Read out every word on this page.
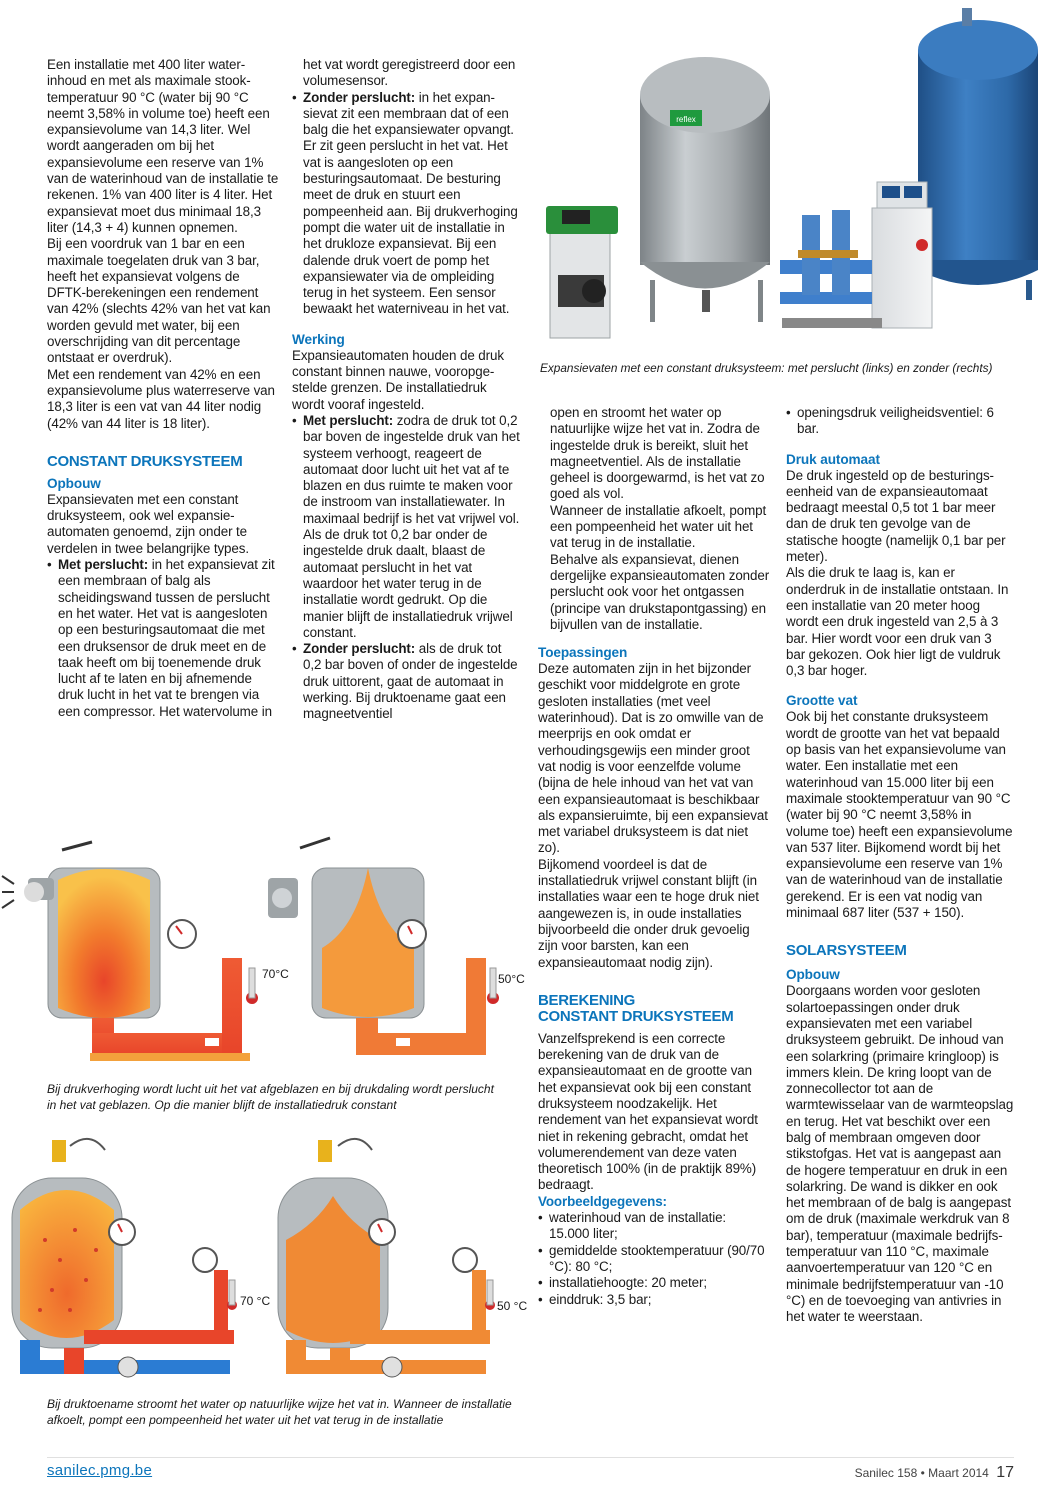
reflex
Expansievaten met een constant druksysteem: met perslucht (links) en zonder (rechts)

Een installatie met 400 liter waterinhoud en met als maximale stooktemperatuur 90 °C (water bij 90 °C neemt 3,58% in volume toe) heeft een expansievolume van 14,3 liter. Wel wordt aangeraden om bij het expansievolume een reserve van 1% van de waterinhoud van de installatie te rekenen. 1% van 400 liter is 4 liter. Het expansievat moet dus minimaal 18,3 liter (14,3 + 4) kunnen opnemen.

Bij een voordruk van 1 bar en een maximale toegelaten druk van 3 bar, heeft het expansievat volgens de DFTK-berekeningen een rendement van 42% (slechts 42% van het vat kan worden gevuld met water, bij een overschrijding van dit percentage ontstaat er overdruk).

Met een rendement van 42% en een expansievolume plus waterreserve van 18,3 liter is een vat van 44 liter nodig (42% van 44 liter is 18 liter).

CONSTANT DRUKSYSTEEM
Opbouw

Expansievaten met een constant druksysteem, ook wel expansieautomaten genoemd, zijn onder te verdelen in twee belangrijke types.

• Met perslucht: in het expansievat zit een membraan of balg als scheidingswand tussen de perslucht en het water. Het vat is aangesloten op een besturingsautomaat die met een druksensor de druk meet en de taak heeft om bij toenemende druk lucht af te laten en bij afnemende druk lucht in het vat te brengen via een compressor. Het watervolume in

het vat wordt geregistreerd door een volumesensor.

• Zonder perslucht: in het expansievat zit een membraan dat of een balg die het expansiewater opvangt. Er zit geen perslucht in het vat. Het vat is aangesloten op een besturingsautomaat. De besturing meet de druk en stuurt een pompeenheid aan. Bij drukverhoging pompt die water uit de installatie in het drukloze expansievat. Bij een dalende druk voert de pomp het expansiewater via de ompleiding terug in het systeem. Een sensor bewaakt het waterniveau in het vat.
Werking

Expansieautomaten houden de druk constant binnen nauwe, vooropgestelde grenzen. De installatiedruk wordt vooraf ingesteld.

• Met perslucht: zodra de druk tot 0,2 bar boven de ingestelde druk van het systeem verhoogt, reageert de automaat door lucht uit het vat af te blazen en dus ruimte te maken voor de instroom van installatiewater. In maximaal bedrijf is het vat vrijwel vol. Als de druk tot 0,2 bar onder de ingestelde druk daalt, blaast de automaat perslucht in het vat waardoor het water terug in de installatie wordt gedrukt. Op die manier blijft de installatiedruk vrijwel constant.
• Zonder perslucht: als de druk tot 0,2 bar boven of onder de ingestelde druk uittorent, gaat de automaat in werking. Bij druktoename gaat een magneetventiel

open en stroomt het water op natuurlijke wijze het vat in. Zodra de ingestelde druk is bereikt, sluit het magneetventiel. Als de installatie geheel is doorgewarmd, is het vat zo goed als vol.

Wanneer de installatie afkoelt, pompt een pompeenheid het water uit het vat terug in de installatie.

Behalve als expansievat, dienen dergelijke expansieautomaten zonder perslucht ook voor het ontgassen (principe van drukstapontgassing) en bijvullen van de installatie.

Toepassingen

Deze automaten zijn in het bijzonder geschikt voor middelgrote en grote gesloten installaties (met veel waterinhoud). Dat is zo omwille van de meerprijs en ook omdat er verhoudingsgewijs een minder groot vat nodig is voor eenzelfde volume (bijna de hele inhoud van het vat van een expansieautomaat is beschikbaar als expansieruimte, bij een expansievat met variabel druksysteem is dat niet zo).

Bijkomend voordeel is dat de installatiedruk vrijwel constant blijft (in installaties waar een te hoge druk niet aangewezen is, in oude installaties bijvoorbeeld die onder druk gevoelig zijn voor barsten, kan een expansieautomaat nodig zijn).

BEREKENING
CONSTANT DRUKSYSTEEM

Vanzelfsprekend is een correcte berekening van de druk van de expansieautomaat en de grootte van het expansievat ook bij een constant druksysteem noodzakelijk. Het rendement van het expansievat wordt niet in rekening gebracht, omdat het volumerendement van deze vaten theoretisch 100% (in de praktijk 89%) bedraagt.

Voorbeeldgegevens:

• waterinhoud van de installatie: 15.000 liter;
• gemiddelde stooktemperatuur (90/70 °C): 80 °C;
• installatiehoogte: 20 meter;
• einddruk: 3,5 bar;
• openingsdruk veiligheidsventiel: 6 bar.
Druk automaat

De druk ingesteld op de besturingseenheid van de expansieautomaat bedraagt meestal 0,5 tot 1 bar meer dan de druk ten gevolge van de statische hoogte (namelijk 0,1 bar per meter).

Als die druk te laag is, kan er onderdruk in de installatie ontstaan. In een installatie van 20 meter hoog wordt een druk ingesteld van 2,5 à 3 bar. Hier wordt voor een druk van 3 bar gekozen. Ook hier ligt de vuldruk 0,3 bar hoger.

Grootte vat

Ook bij het constante druksysteem wordt de grootte van het vat bepaald op basis van het expansievolume van water. Een installatie met een waterinhoud van 15.000 liter bij een maximale stooktemperatuur van 90 °C (water bij 90 °C neemt 3,58% in volume toe) heeft een expansievolume van 537 liter. Bijkomend wordt bij het expansievolume een reserve van 1% van de waterinhoud van de installatie gerekend. Er is een vat nodig van minimaal 687 liter (537 + 150).

SOLARSYSTEEM
Opbouw

Doorgaans worden voor gesloten solartoepassingen onder druk expansievaten met een variabel druksysteem gebruikt. De inhoud van een solarkring (primaire kringloop) is immers klein. De kring loopt van de zonnecollector tot aan de warmtewisselaar van de warmteopslag en terug. Het vat beschikt over een balg of membraan omgeven door stikstofgas. Het vat is aangepast aan de hogere temperatuur en druk in een solarkring. De wand is dikker en ook het membraan of de balg is aangepast om de druk (maximale werkdruk van 8 bar), temperatuur (maximale bedrijfstemperatuur van 110 °C, maximale aanvoertemperatuur van 120 °C en minimale bedrijfstemperatuur van -10 °C) en de toevoeging van antivries in het water te weerstaan.

70°C	50°C
Bij drukverhoging wordt lucht uit het vat afgeblazen en bij drukdaling wordt perslucht
in het vat geblazen. Op die manier blijft de installatiedruk constant
70 °C	50 °C
Bij druktoename stroomt het water op natuurlijke wijze het vat in. Wanneer de installatie
afkoelt, pompt een pompeenheid het water uit het vat terug in de installatie
sanilec.pmg.be	Sanilec 158 • Maart 2014 17
